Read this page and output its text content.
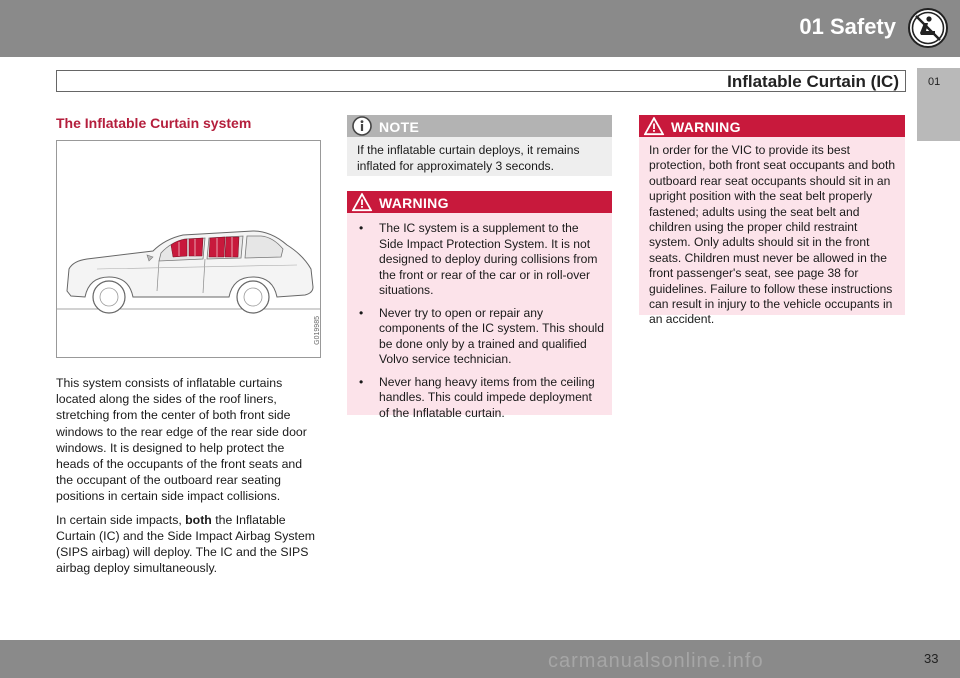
01 Safety
Inflatable Curtain (IC)	01
The Inflatable Curtain system
G019985

This system consists of inflatable curtains located along the sides of the roof liners, stretching from the center of both front side windows to the rear edge of the rear side door windows. It is designed to help protect the heads of the occupants of the front seats and the occupant of the outboard rear seating positions in certain side impact collisions.

In certain side impacts, both the Inflatable Curtain (IC) and the Side Impact Airbag System (SIPS airbag) will deploy. The IC and the SIPS airbag deploy simultaneously.

NOTE
If the inflatable curtain deploys, it remains inflated for approximately 3 seconds.
WARNING
• The IC system is a supplement to the Side Impact Protection System. It is not designed to deploy during collisions from the front or rear of the car or in roll-over situations.
• Never try to open or repair any components of the IC system. This should be done only by a trained and qualified Volvo service technician.
• Never hang heavy items from the ceiling handles. This could impede deployment of the Inflatable curtain.
WARNING
In order for the VIC to provide its best protection, both front seat occupants and both outboard rear seat occupants should sit in an upright position with the seat belt properly fastened; adults using the seat belt and children using the proper child restraint system. Only adults should sit in the front seats. Children must never be allowed in the front passenger's seat, see page 38 for guidelines. Failure to follow these instructions can result in injury to the vehicle occupants in an accident.
carmanualsonline.info	33
